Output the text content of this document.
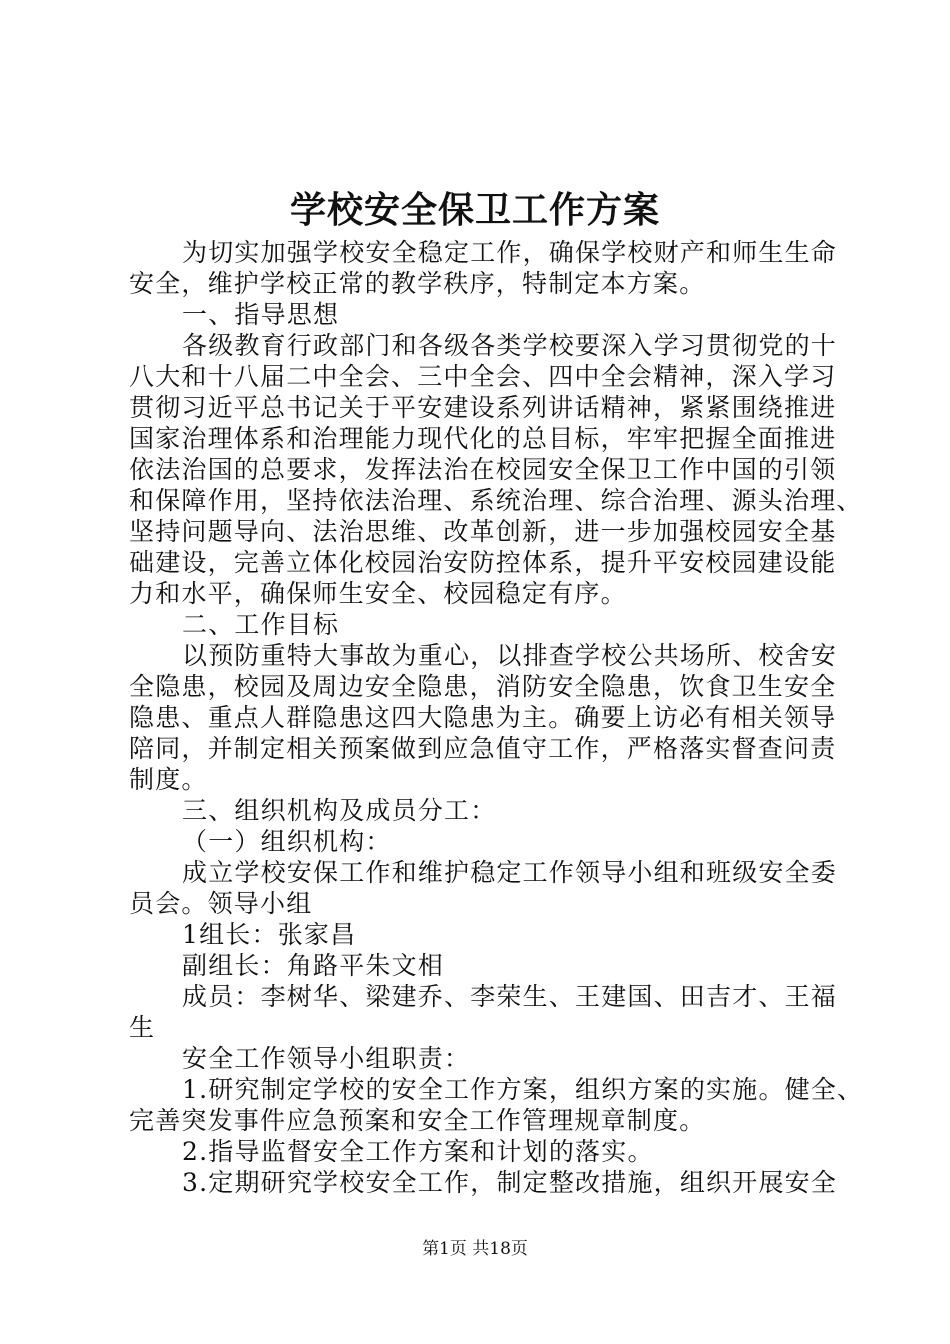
学校安全保卫工作方案
为切实加强学校安全稳定工作，确保学校财产和师生生命
安全，维护学校正常的教学秩序，特制定本方案。
一、指导思想
各级教育行政部门和各级各类学校要深入学习贯彻党的十
八大和十八届二中全会、三中全会、四中全会精神，深入学习
贯彻习近平总书记关于平安建设系列讲话精神，紧紧围绕推进
国家治理体系和治理能力现代化的总目标，牢牢把握全面推进
依法治国的总要求，发挥法治在校园安全保卫工作中国的引领
和保障作用，坚持依法治理、系统治理、综合治理、源头治理、
坚持问题导向、法治思维、改革创新，进一步加强校园安全基
础建设，完善立体化校园治安防控体系，提升平安校园建设能
力和水平，确保师生安全、校园稳定有序。
二、工作目标
以预防重特大事故为重心，以排查学校公共场所、校舍安
全隐患，校园及周边安全隐患，消防安全隐患，饮食卫生安全
隐患、重点人群隐患这四大隐患为主。确要上访必有相关领导
陪同，并制定相关预案做到应急值守工作，严格落实督查问责
制度。
三、组织机构及成员分工：
（一）组织机构：
成立学校安保工作和维护稳定工作领导小组和班级安全委
员会。领导小组
1组长：张家昌
副组长：角路平朱文相
成员：李树华、梁建乔、李荣生、王建国、田吉才、王福
生
安全工作领导小组职责：
1.研究制定学校的安全工作方案，组织方案的实施。健全、
完善突发事件应急预案和安全工作管理规章制度。
2.指导监督安全工作方案和计划的落实。
3.定期研究学校安全工作，制定整改措施，组织开展安全
第1页 共18页
